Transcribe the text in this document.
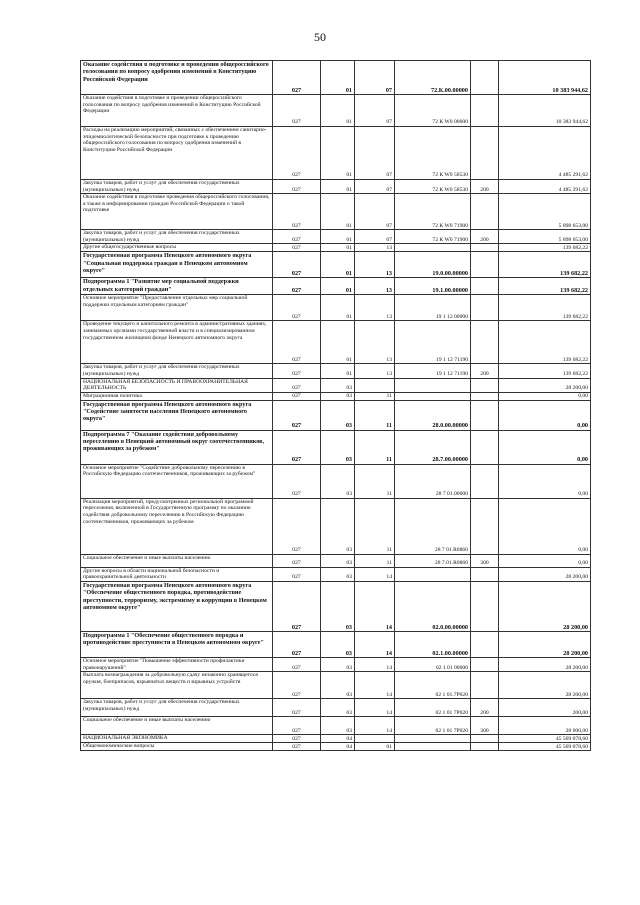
50
Оказание содействия в подготовке и проведении общероссийского голосования по вопросу одобрения изменений в Конституцию Российской Федерации	027	01	07	72.К.00.00000		10 383 944,62
Оказание содействия в подготовке и проведении общероссийского голосования по вопросу одобрения изменений в Конституцию Российской Федерации	027	01	07	72 К W0 00000		10 383 944,62
Расходы на реализацию мероприятий, связанных с обеспечением санитарно-эпидемиологической безопасности при подготовке к проведению общероссийского голосования по вопросу одобрения изменений в Конституцию Российской Федерации	027	01	07	72 К W0 58530		4 485 291,62
Закупка товаров, работ и услуг для обеспечения государственных (муниципальных) нужд	027	01	07	72 К W0 58530	200	4 485 291,62
Оказание содействия в подготовке проведения общероссийского голосования, а также в информировании граждан Российской Федерации о такой подготовке	027	01	07	72 К W0 71900		5 898 653,00
Закупка товаров, работ и услуг для обеспечения государственных (муниципальных) нужд	027	01	07	72 К W0 71900	200	5 898 653,00
Другие общегосударственные вопросы	027	01	13			139 682,22
Государственная программа Ненецкого автономного округа "Социальная поддержка граждан в Ненецком автономном округе"	027	01	13	19.0.00.00000		139 682,22
Подпрограмма 1 "Развитие мер социальной поддержки отдельных категорий граждан"	027	01	13	19.1.00.00000		139 682,22
Основное мероприятие "Предоставление отдельных мер социальной поддержки отдельным категориям граждан"	027	01	13	19 1 12 00000		139 682,22
Проведение текущего и капитального ремонта в административных зданиях, занимаемых органами государственной власти и в специализированном государственном жилищном фонде Ненецкого автономного округа	027	01	13	19 1 12 71190		139 682,22
Закупка товаров, работ и услуг для обеспечения государственных (муниципальных) нужд	027	01	13	19 1 12 71190	200	139 682,22
НАЦИОНАЛЬНАЯ БЕЗОПАСНОСТЬ И ПРАВООХРАНИТЕЛЬНАЯ ДЕЯТЕЛЬНОСТЬ	027	03				28 200,00
Миграционная политика	027	03	11			0,00
Государственная программа Ненецкого автономного округа "Содействие занятости населения Ненецкого автономного округа"	027	03	11	28.0.00.00000		0,00
Подпрограмма 7 "Оказание содействия добровольному переселению в Ненецкий автономный округ соотечественников, проживающих за рубежом"	027	03	11	28.7.00.00000		0,00
Основное мероприятие "Содействие добровольному переселению в Российскую Федерацию соотечественников, проживающих за рубежом"	027	03	11	28 7 01.00000		0,00
Реализация мероприятий, предусмотренных региональной программой переселения, включенной в Государственную программу по оказанию содействия добровольному переселению в Российскую Федерацию соотечественников, проживающих за рубежом	027	03	11	28 7 01.R0860		0,00
Социальное обеспечение и иные выплаты населению	027	03	11	28 7.01.R0860	300	0,00
Другие вопросы в области национальной безопасности и правоохранительной деятельности	027	03	14			28 200,00
Государственная программа Ненецкого автономного округа "Обеспечение общественного порядка, противодействие преступности, терроризму, экстремизму и коррупции в Ненецком автономном округе"	027	03	14	02.0.00.00000		28 200,00
Подпрограмма 1 "Обеспечение общественного порядка и противодействие преступности в Ненецком автономном округе"	027	03	14	02.1.00.00000		28 200,00
Основное мероприятие "Повышение эффективности профилактики правонарушений"	027	03	14	02 1 01 00000		28 200,00
Выплата вознаграждения за добровольную сдачу незаконно хранящегося оружия, боеприпасов, взрывчатых веществ и взрывных устройств	027	03	14	02 1 01.7Р020		28 200,00
Закупка товаров, работ и услуг для обеспечения государственных (муниципальных) нужд	027	03	14	02 1 01 7Р020	200	200,00
Социальное обеспечение и иные выплаты населению	027	03	14	02 1 01 7Р020	300	28 000,00
НАЦИОНАЛЬНАЯ ЭКОНОМИКА	027	04				45 569 078,60
Общеэкономические вопросы	027	04	01			45 569 078,60
